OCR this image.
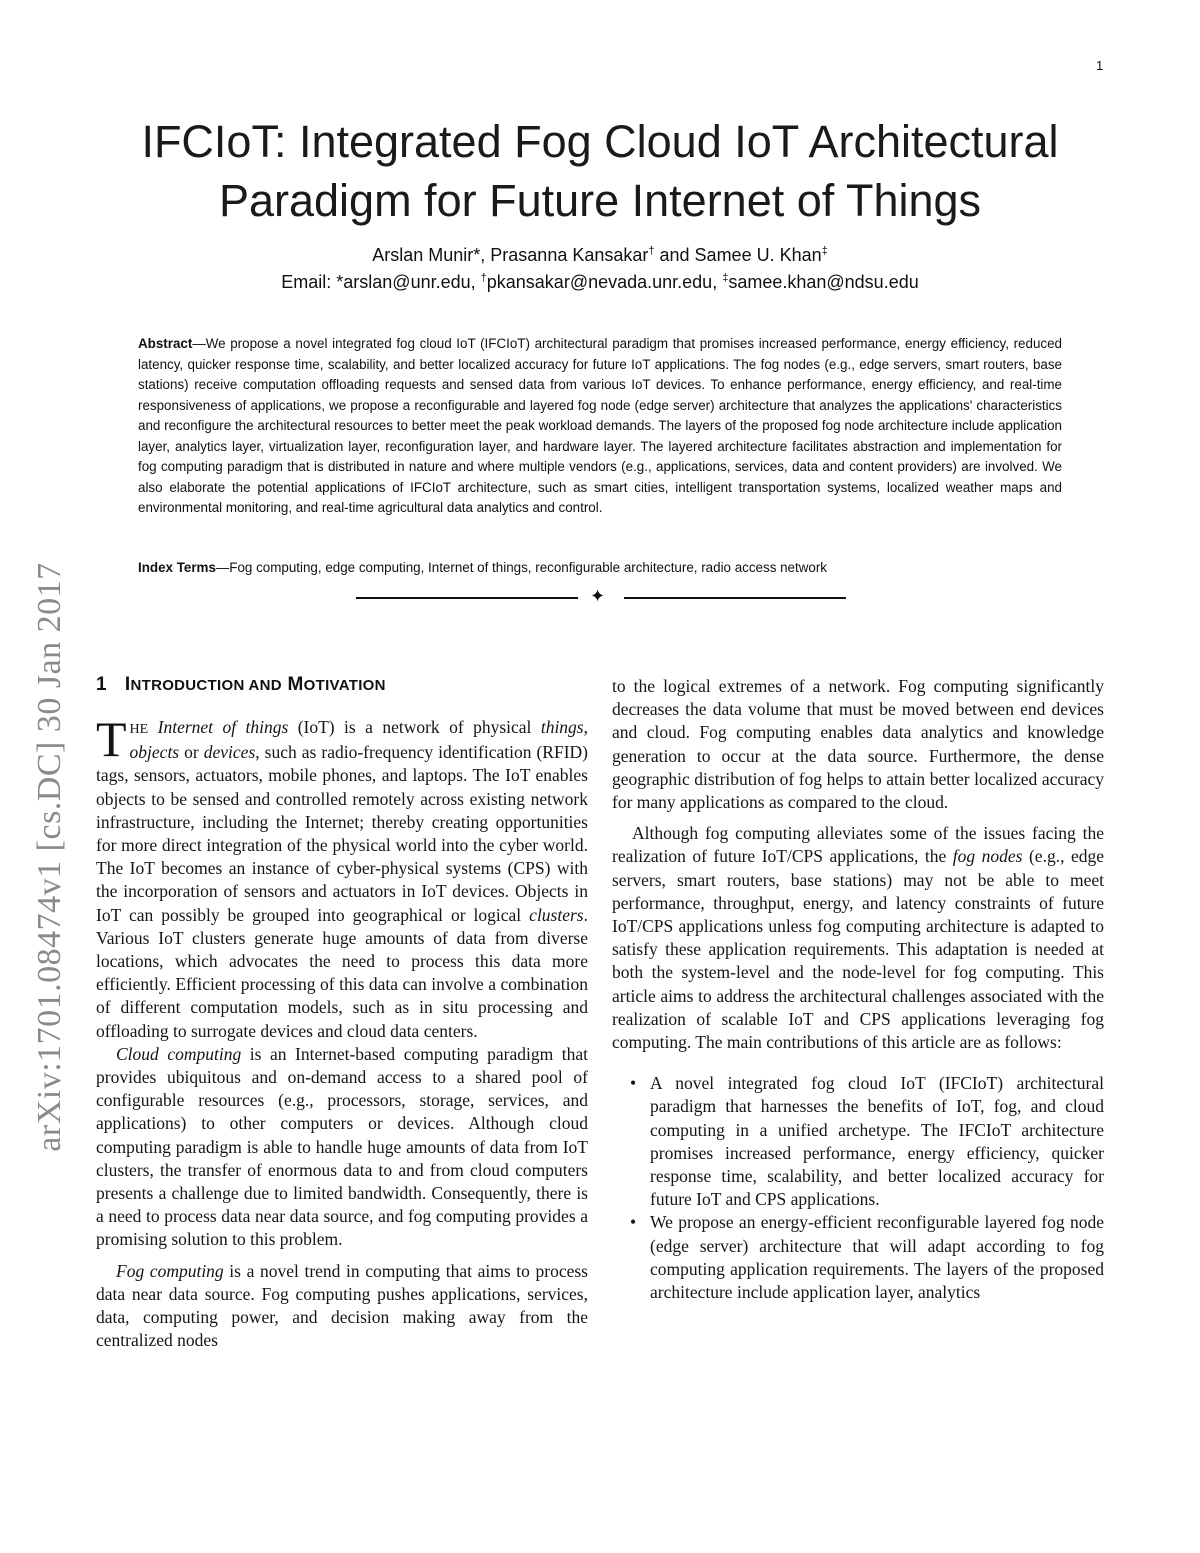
1
IFCIoT: Integrated Fog Cloud IoT Architectural Paradigm for Future Internet of Things
Arslan Munir*, Prasanna Kansakar† and Samee U. Khan‡
Email: *arslan@unr.edu, †pkansakar@nevada.unr.edu, ‡samee.khan@ndsu.edu
Abstract—We propose a novel integrated fog cloud IoT (IFCIoT) architectural paradigm that promises increased performance, energy efficiency, reduced latency, quicker response time, scalability, and better localized accuracy for future IoT applications. The fog nodes (e.g., edge servers, smart routers, base stations) receive computation offloading requests and sensed data from various IoT devices. To enhance performance, energy efficiency, and real-time responsiveness of applications, we propose a reconfigurable and layered fog node (edge server) architecture that analyzes the applications' characteristics and reconfigure the architectural resources to better meet the peak workload demands. The layers of the proposed fog node architecture include application layer, analytics layer, virtualization layer, reconfiguration layer, and hardware layer. The layered architecture facilitates abstraction and implementation for fog computing paradigm that is distributed in nature and where multiple vendors (e.g., applications, services, data and content providers) are involved. We also elaborate the potential applications of IFCIoT architecture, such as smart cities, intelligent transportation systems, localized weather maps and environmental monitoring, and real-time agricultural data analytics and control.
Index Terms—Fog computing, edge computing, Internet of things, reconfigurable architecture, radio access network
✦
arXiv:1701.08474v1 [cs.DC] 30 Jan 2017 1 INTRODUCTION AND MOTIVATION

THE Internet of things (IoT) is a network of physical things, objects or devices, such as radio-frequency identification (RFID) tags, sensors, actuators, mobile phones, and laptops. The IoT enables objects to be sensed and controlled remotely across existing network infrastructure, including the Internet; thereby creating opportunities for more direct integration of the physical world into the cyber world. The IoT becomes an instance of cyber-physical systems (CPS) with the incorporation of sensors and actuators in IoT devices. Objects in IoT can possibly be grouped into geographical or logical clusters. Various IoT clusters generate huge amounts of data from diverse locations, which advocates the need to process this data more efficiently. Efficient processing of this data can involve a combination of different computation models, such as in situ processing and offloading to surrogate devices and cloud data centers.

Cloud computing is an Internet-based computing paradigm that provides ubiquitous and on-demand access to a shared pool of configurable resources (e.g., processors, storage, services, and applications) to other computers or devices. Although cloud computing paradigm is able to handle huge amounts of data from IoT clusters, the transfer of enormous data to and from cloud computers presents a challenge due to limited bandwidth. Consequently, there is a need to process data near data source, and fog computing provides a promising solution to this problem.

Fog computing is a novel trend in computing that aims to process data near data source. Fog computing pushes applications, services, data, computing power, and decision making away from the centralized nodes

to the logical extremes of a network. Fog computing significantly decreases the data volume that must be moved between end devices and cloud. Fog computing enables data analytics and knowledge generation to occur at the data source. Furthermore, the dense geographic distribution of fog helps to attain better localized accuracy for many applications as compared to the cloud.

Although fog computing alleviates some of the issues facing the realization of future IoT/CPS applications, the fog nodes (e.g., edge servers, smart routers, base stations) may not be able to meet performance, throughput, energy, and latency constraints of future IoT/CPS applications unless fog computing architecture is adapted to satisfy these application requirements. This adaptation is needed at both the system-level and the node-level for fog computing. This article aims to address the architectural challenges associated with the realization of scalable IoT and CPS applications leveraging fog computing. The main contributions of this article are as follows:

• A novel integrated fog cloud IoT (IFCIoT) architectural paradigm that harnesses the benefits of IoT, fog, and cloud computing in a unified archetype. The IFCIoT architecture promises increased performance, energy efficiency, quicker response time, scalability, and better localized accuracy for future IoT and CPS applications.
• We propose an energy-efficient reconfigurable layered fog node (edge server) architecture that will adapt according to fog computing application requirements. The layers of the proposed architecture include application layer, analytics
